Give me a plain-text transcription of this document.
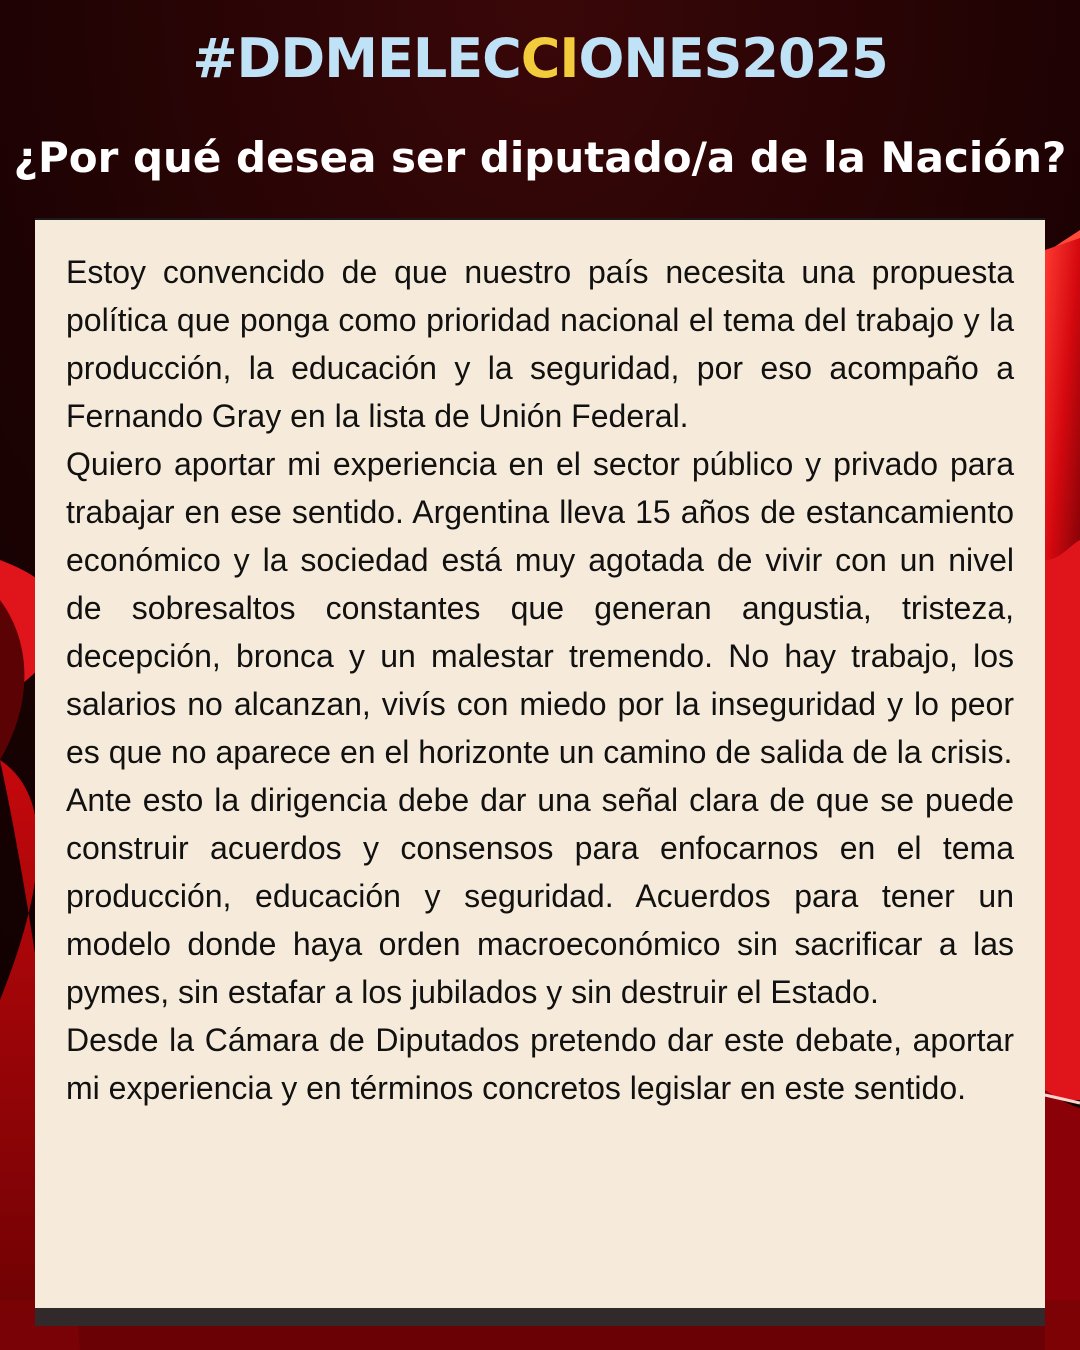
#DDMELECCIONES2025
¿Por qué desea ser diputado/a de la Nación?

Estoy convencido de que nuestro país necesita una propuesta política que ponga como prioridad nacional el tema del trabajo y la producción, la educación y la seguridad, por eso acompaño a Fernando Gray en la lista de Unión Federal.

Quiero aportar mi experiencia en el sector público y privado para trabajar en ese sentido. Argentina lleva 15 años de estancamiento económico y la sociedad está muy agotada de vivir con un nivel de sobresaltos constantes que generan angustia, tristeza, decepción, bronca y un malestar tremendo. No hay trabajo, los salarios no alcanzan, vivís con miedo por la inseguridad y lo peor es que no aparece en el horizonte un camino de salida de la crisis.

Ante esto la dirigencia debe dar una señal clara de que se puede construir acuerdos y consensos para enfocarnos en el tema producción, educación y seguridad. Acuerdos para tener un modelo donde haya orden macroeconómico sin sacrificar a las pymes, sin estafar a los jubilados y sin destruir el Estado.

Desde la Cámara de Diputados pretendo dar este debate, aportar mi experiencia y en términos concretos legislar en este sentido.
